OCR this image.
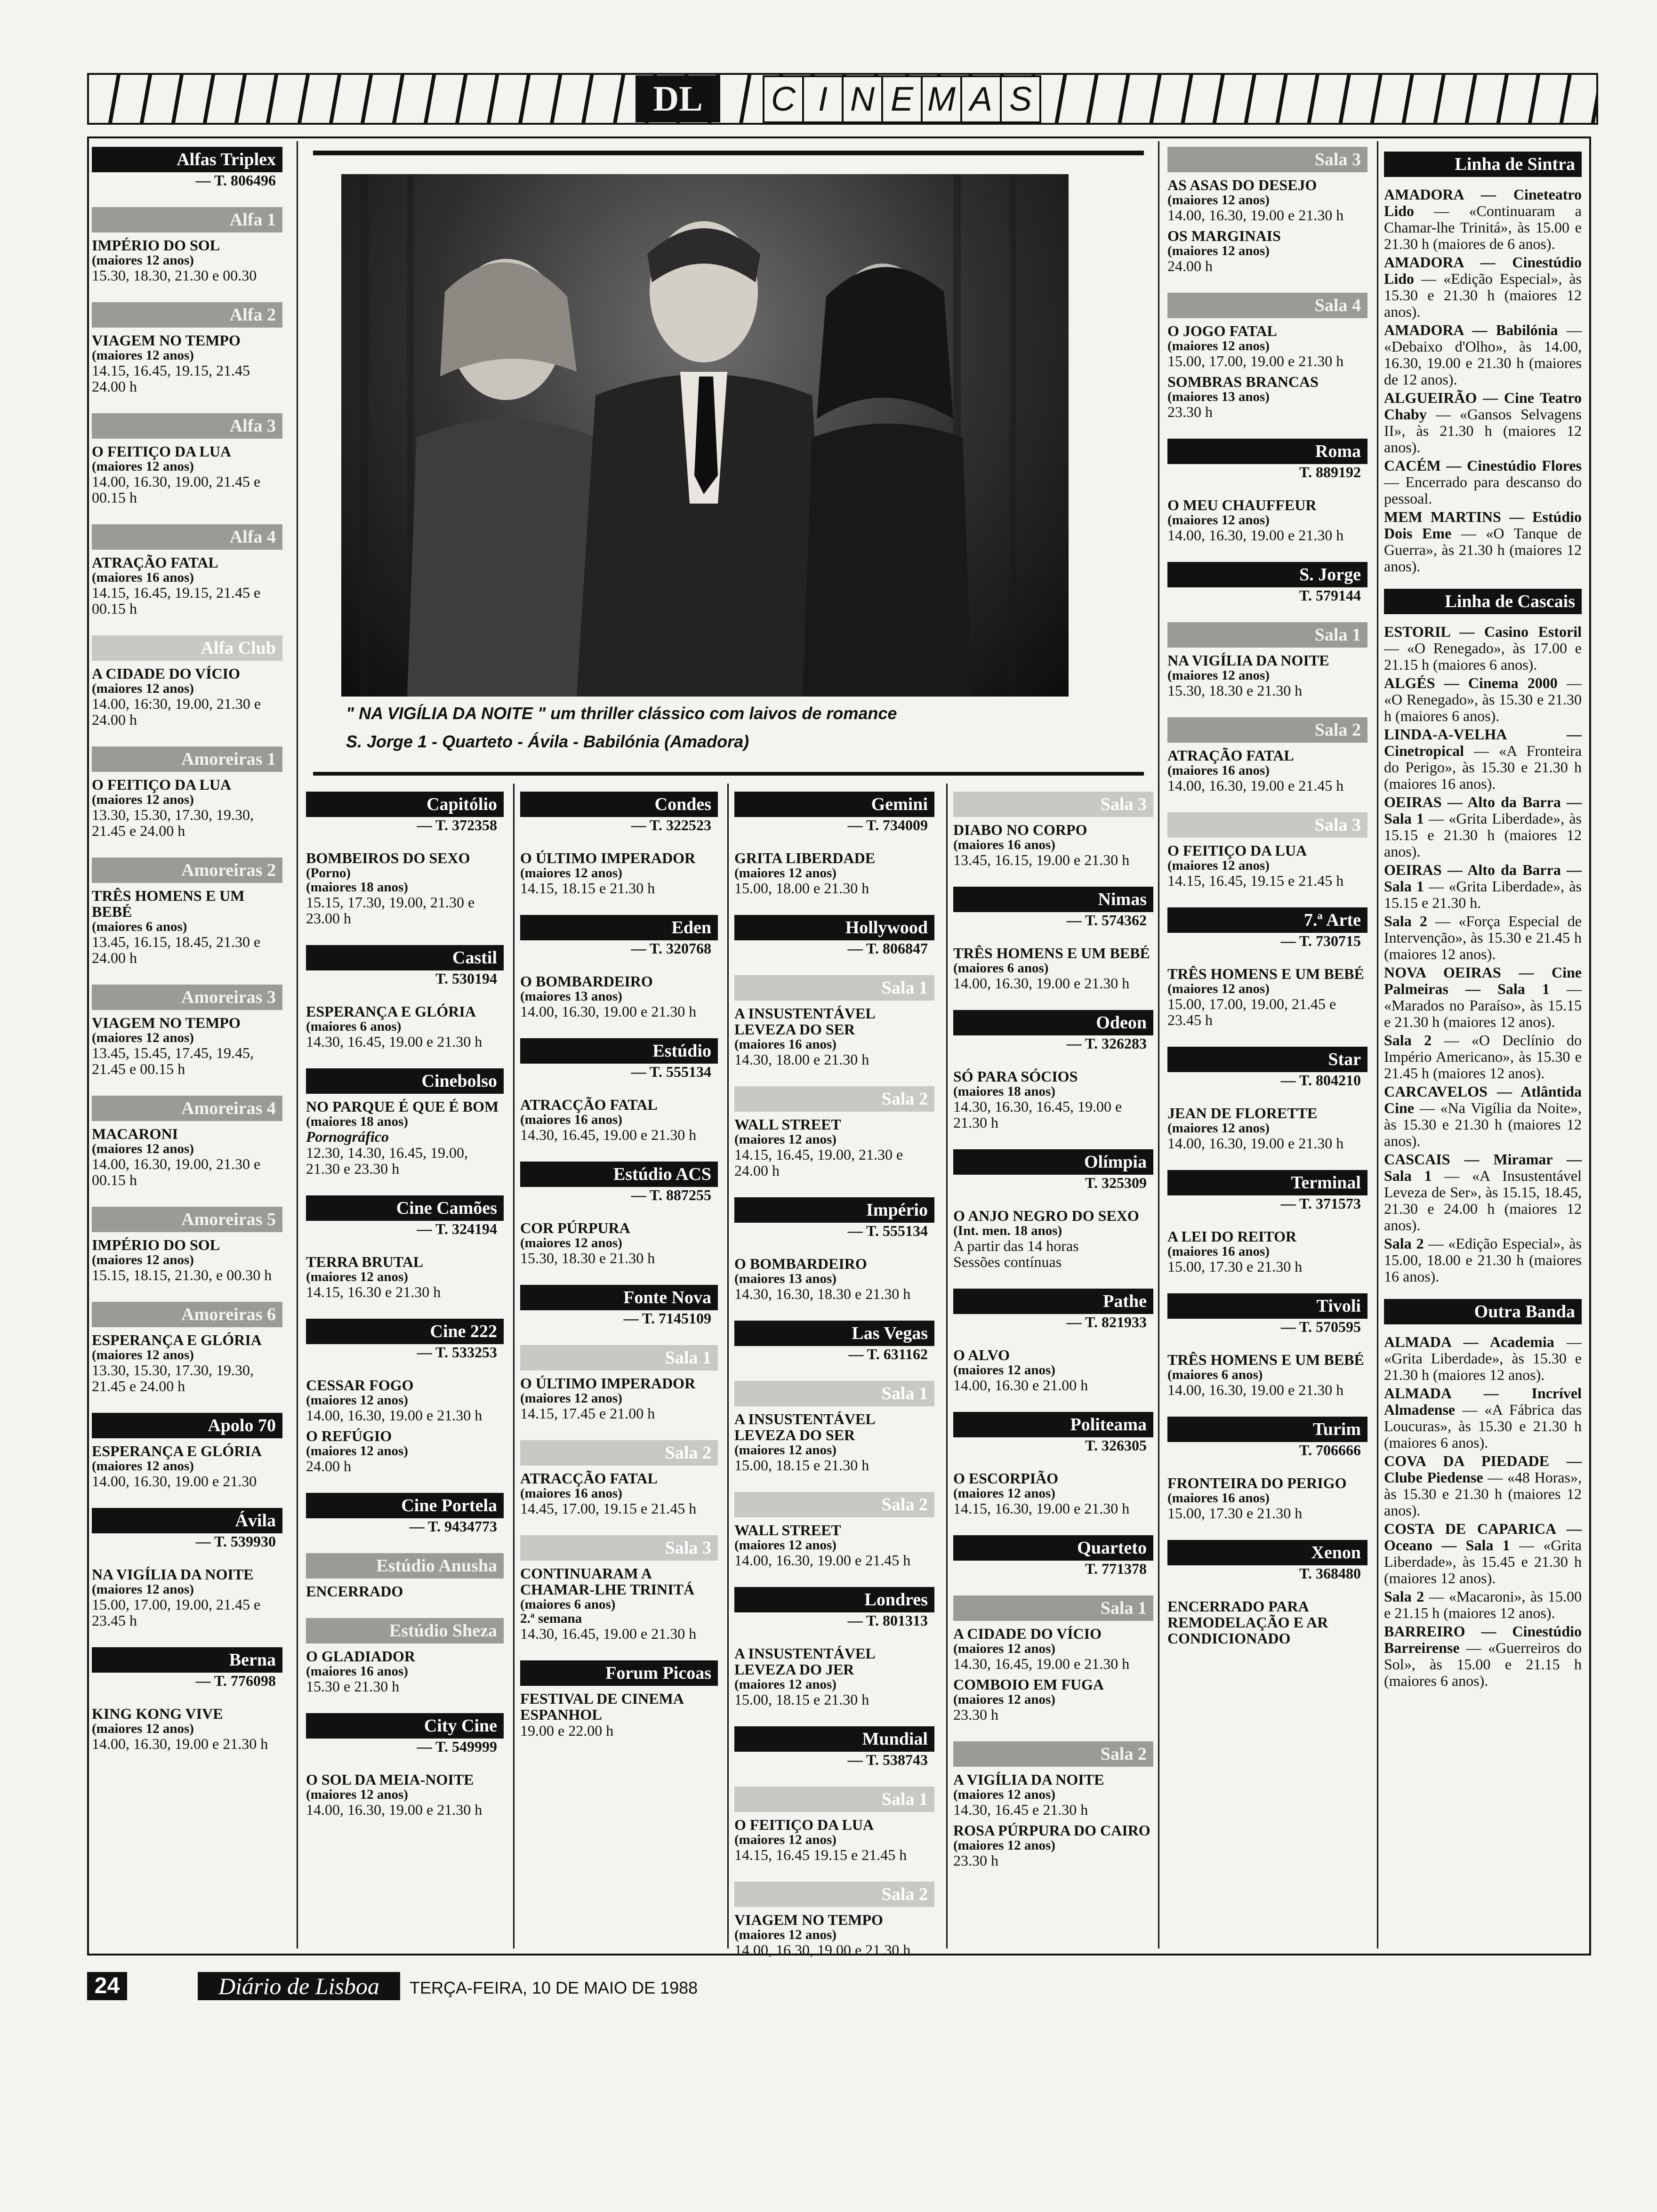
DL	C I N E M A S
" NA VIGÍLIA DA NOITE " um thriller clássico com laivos de romance
S. Jorge 1 - Quarteto - Ávila - Babilónia (Amadora)
Alfas Triplex
— T. 806496
Alfa 1
IMPÉRIO DO SOL
(maiores 12 anos)
15.30, 18.30, 21.30 e 00.30
Alfa 2
VIAGEM NO TEMPO
(maiores 12 anos)
14.15, 16.45, 19.15, 21.45 24.00 h
Alfa 3
O FEITIÇO DA LUA
(maiores 12 anos)
14.00, 16.30, 19.00, 21.45 e 00.15 h
Alfa 4
ATRAÇÃO FATAL
(maiores 16 anos)
14.15, 16.45, 19.15, 21.45 e 00.15 h
Alfa Club
A CIDADE DO VÍCIO
(maiores 12 anos)
14.00, 16:30, 19.00, 21.30 e 24.00 h
Amoreiras 1
O FEITIÇO DA LUA
(maiores 12 anos)
13.30, 15.30, 17.30, 19.30, 21.45 e 24.00 h
Amoreiras 2
TRÊS HOMENS E UM BEBÉ
(maiores 6 anos)
13.45, 16.15, 18.45, 21.30 e 24.00 h
Amoreiras 3
VIAGEM NO TEMPO
(maiores 12 anos)
13.45, 15.45, 17.45, 19.45, 21.45 e 00.15 h
Amoreiras 4
MACARONI
(maiores 12 anos)
14.00, 16.30, 19.00, 21.30 e 00.15 h
Amoreiras 5
IMPÉRIO DO SOL
(maiores 12 anos)
15.15, 18.15, 21.30, e 00.30 h
Amoreiras 6
ESPERANÇA E GLÓRIA
(maiores 12 anos)
13.30, 15.30, 17.30, 19.30, 21.45 e 24.00 h
Apolo 70
ESPERANÇA E GLÓRIA
(maiores 12 anos)
14.00, 16.30, 19.00 e 21.30
Ávila
— T. 539930
NA VIGÍLIA DA NOITE
(maiores 12 anos)
15.00, 17.00, 19.00, 21.45 e 23.45 h
Berna
— T. 776098
KING KONG VIVE
(maiores 12 anos)
14.00, 16.30, 19.00 e 21.30 h
Capitólio
— T. 372358
BOMBEIROS DO SEXO
(Porno)
(maiores 18 anos)
15.15, 17.30, 19.00, 21.30 e 23.00 h
Castil
T. 530194
ESPERANÇA E GLÓRIA
(maiores 6 anos)
14.30, 16.45, 19.00 e 21.30 h
Cinebolso
NO PARQUE É QUE É BOM
(maiores 18 anos)
Pornográfico
12.30, 14.30, 16.45, 19.00, 21.30 e 23.30 h
Cine Camões
— T. 324194
TERRA BRUTAL
(maiores 12 anos)
14.15, 16.30 e 21.30 h
Cine 222
— T. 533253
CESSAR FOGO
(maiores 12 anos)
14.00, 16.30, 19.00 e 21.30 h
O REFÚGIO
(maiores 12 anos)
24.00 h
Cine Portela
— T. 9434773
Estúdio Anusha
ENCERRADO
Estúdio Sheza
O GLADIADOR
(maiores 16 anos)
15.30 e 21.30 h
City Cine
— T. 549999
O SOL DA MEIA-NOITE
(maiores 12 anos)
14.00, 16.30, 19.00 e 21.30 h
Condes
— T. 322523
O ÚLTIMO IMPERADOR
(maiores 12 anos)
14.15, 18.15 e 21.30 h
Eden
— T. 320768
O BOMBARDEIRO
(maiores 13 anos)
14.00, 16.30, 19.00 e 21.30 h
Estúdio
— T. 555134
ATRACÇÃO FATAL
(maiores 16 anos)
14.30, 16.45, 19.00 e 21.30 h
Estúdio ACS
— T. 887255
COR PÚRPURA
(maiores 12 anos)
15.30, 18.30 e 21.30 h
Fonte Nova
— T. 7145109
Sala 1
O ÚLTIMO IMPERADOR
(maiores 12 anos)
14.15, 17.45 e 21.00 h
Sala 2
ATRACÇÃO FATAL
(maiores 16 anos)
14.45, 17.00, 19.15 e 21.45 h
Sala 3
CONTINUARAM A CHAMAR-LHE TRINITÁ
(maiores 6 anos)
2.ª semana
14.30, 16.45, 19.00 e 21.30 h
Forum Picoas
FESTIVAL DE CINEMA ESPANHOL
19.00 e 22.00 h
Gemini
— T. 734009
GRITA LIBERDADE
(maiores 12 anos)
15.00, 18.00 e 21.30 h
Hollywood
— T. 806847
Sala 1
A INSUSTENTÁVEL LEVEZA DO SER
(maiores 16 anos)
14.30, 18.00 e 21.30 h
Sala 2
WALL STREET
(maiores 12 anos)
14.15, 16.45, 19.00, 21.30 e 24.00 h
Império
— T. 555134
O BOMBARDEIRO
(maiores 13 anos)
14.30, 16.30, 18.30 e 21.30 h
Las Vegas
— T. 631162
Sala 1
A INSUSTENTÁVEL LEVEZA DO SER
(maiores 12 anos)
15.00, 18.15 e 21.30 h
Sala 2
WALL STREET
(maiores 12 anos)
14.00, 16.30, 19.00 e 21.45 h
Londres
— T. 801313
A INSUSTENTÁVEL LEVEZA DO JER
(maiores 12 anos)
15.00, 18.15 e 21.30 h
Mundial
— T. 538743
Sala 1
O FEITIÇO DA LUA
(maiores 12 anos)
14.15, 16.45 19.15 e 21.45 h
Sala 2
VIAGEM NO TEMPO
(maiores 12 anos)
14.00, 16.30, 19.00 e 21.30 h
Sala 3
DIABO NO CORPO
(maiores 16 anos)
13.45, 16.15, 19.00 e 21.30 h
Nimas
— T. 574362
TRÊS HOMENS E UM BEBÉ
(maiores 6 anos)
14.00, 16.30, 19.00 e 21.30 h
Odeon
— T. 326283
SÓ PARA SÓCIOS
(maiores 18 anos)
14.30, 16.30, 16.45, 19.00 e 21.30 h
Olímpia
T. 325309
O ANJO NEGRO DO SEXO
(Int. men. 18 anos)
A partir das 14 horas
Sessões contínuas
Pathe
— T. 821933
O ALVO
(maiores 12 anos)
14.00, 16.30 e 21.00 h
Politeama
T. 326305
O ESCORPIÃO
(maiores 12 anos)
14.15, 16.30, 19.00 e 21.30 h
Quarteto
T. 771378
Sala 1
A CIDADE DO VÍCIO
(maiores 12 anos)
14.30, 16.45, 19.00 e 21.30 h
COMBOIO EM FUGA
(maiores 12 anos)
23.30 h
Sala 2
A VIGÍLIA DA NOITE
(maiores 12 anos)
14.30, 16.45 e 21.30 h
ROSA PÚRPURA DO CAIRO
(maiores 12 anos)
23.30 h
Sala 3
AS ASAS DO DESEJO
(maiores 12 anos)
14.00, 16.30, 19.00 e 21.30 h
OS MARGINAIS
(maiores 12 anos)
24.00 h
Sala 4
O JOGO FATAL
(maiores 12 anos)
15.00, 17.00, 19.00 e 21.30 h
SOMBRAS BRANCAS
(maiores 13 anos)
23.30 h
Roma
T. 889192
O MEU CHAUFFEUR
(maiores 12 anos)
14.00, 16.30, 19.00 e 21.30 h
S. Jorge
T. 579144
Sala 1
NA VIGÍLIA DA NOITE
(maiores 12 anos)
15.30, 18.30 e 21.30 h
Sala 2
ATRAÇÃO FATAL
(maiores 16 anos)
14.00, 16.30, 19.00 e 21.45 h
Sala 3
O FEITIÇO DA LUA
(maiores 12 anos)
14.15, 16.45, 19.15 e 21.45 h
7.ª Arte
— T. 730715
TRÊS HOMENS E UM BEBÉ
(maiores 12 anos)
15.00, 17.00, 19.00, 21.45 e 23.45 h
Star
— T. 804210
JEAN DE FLORETTE
(maiores 12 anos)
14.00, 16.30, 19.00 e 21.30 h
Terminal
— T. 371573
A LEI DO REITOR
(maiores 16 anos)
15.00, 17.30 e 21.30 h
Tivoli
— T. 570595
TRÊS HOMENS E UM BEBÉ
(maiores 6 anos)
14.00, 16.30, 19.00 e 21.30 h
Turim
T. 706666
FRONTEIRA DO PERIGO
(maiores 16 anos)
15.00, 17.30 e 21.30 h
Xenon
T. 368480
ENCERRADO PARA REMODELAÇÃO E AR CONDICIONADO
Linha de Sintra

AMADORA — Cineteatro Lido — «Continuaram a Chamar-lhe Trinitá», às 15.00 e 21.30 h (maiores de 6 anos).

AMADORA — Cinestúdio Lido — «Edição Especial», às 15.30 e 21.30 h (maiores 12 anos).

AMADORA — Babilónia — «Debaixo d'Olho», às 14.00, 16.30, 19.00 e 21.30 h (maiores de 12 anos).

ALGUEIRÃO — Cine Teatro Chaby — «Gansos Selvagens II», às 21.30 h (maiores 12 anos).

CACÉM — Cinestúdio Flores — Encerrado para descanso do pessoal.

MEM MARTINS — Estúdio Dois Eme — «O Tanque de Guerra», às 21.30 h (maiores 12 anos).

Linha de Cascais

ESTORIL — Casino Estoril — «O Renegado», às 17.00 e 21.15 h (maiores 6 anos).

ALGÉS — Cinema 2000 — «O Renegado», às 15.30 e 21.30 h (maiores 6 anos).

LINDA-A-VELHA — Cinetropical — «A Fronteira do Perigo», às 15.30 e 21.30 h (maiores 16 anos).

OEIRAS — Alto da Barra — Sala 1 — «Grita Liberdade», às 15.15 e 21.30 h (maiores 12 anos).

OEIRAS — Alto da Barra — Sala 1 — «Grita Liberdade», às 15.15 e 21.30 h.

Sala 2 — «Força Especial de Intervenção», às 15.30 e 21.45 h (maiores 12 anos).

NOVA OEIRAS — Cine Palmeiras — Sala 1 — «Marados no Paraíso», às 15.15 e 21.30 h (maiores 12 anos).

Sala 2 — «O Declínio do Império Americano», às 15.30 e 21.45 h (maiores 12 anos).

CARCAVELOS — Atlântida Cine — «Na Vigília da Noite», às 15.30 e 21.30 h (maiores 12 anos).

CASCAIS — Miramar — Sala 1 — «A Insustentável Leveza de Ser», às 15.15, 18.45, 21.30 e 24.00 h (maiores 12 anos).

Sala 2 — «Edição Especial», às 15.00, 18.00 e 21.30 h (maiores 16 anos).

Outra Banda

ALMADA — Academia — «Grita Liberdade», às 15.30 e 21.30 h (maiores 12 anos).

ALMADA — Incrível Almadense — «A Fábrica das Loucuras», às 15.30 e 21.30 h (maiores 6 anos).

COVA DA PIEDADE — Clube Piedense — «48 Horas», às 15.30 e 21.30 h (maiores 12 anos).

COSTA DE CAPARICA — Oceano — Sala 1 — «Grita Liberdade», às 15.45 e 21.30 h (maiores 12 anos).

Sala 2 — «Macaroni», às 15.00 e 21.15 h (maiores 12 anos).

BARREIRO — Cinestúdio Barreirense — «Guerreiros do Sol», às 15.00 e 21.15 h (maiores 6 anos).

24	Diário de Lisboa	TERÇA-FEIRA, 10 DE MAIO DE 1988
